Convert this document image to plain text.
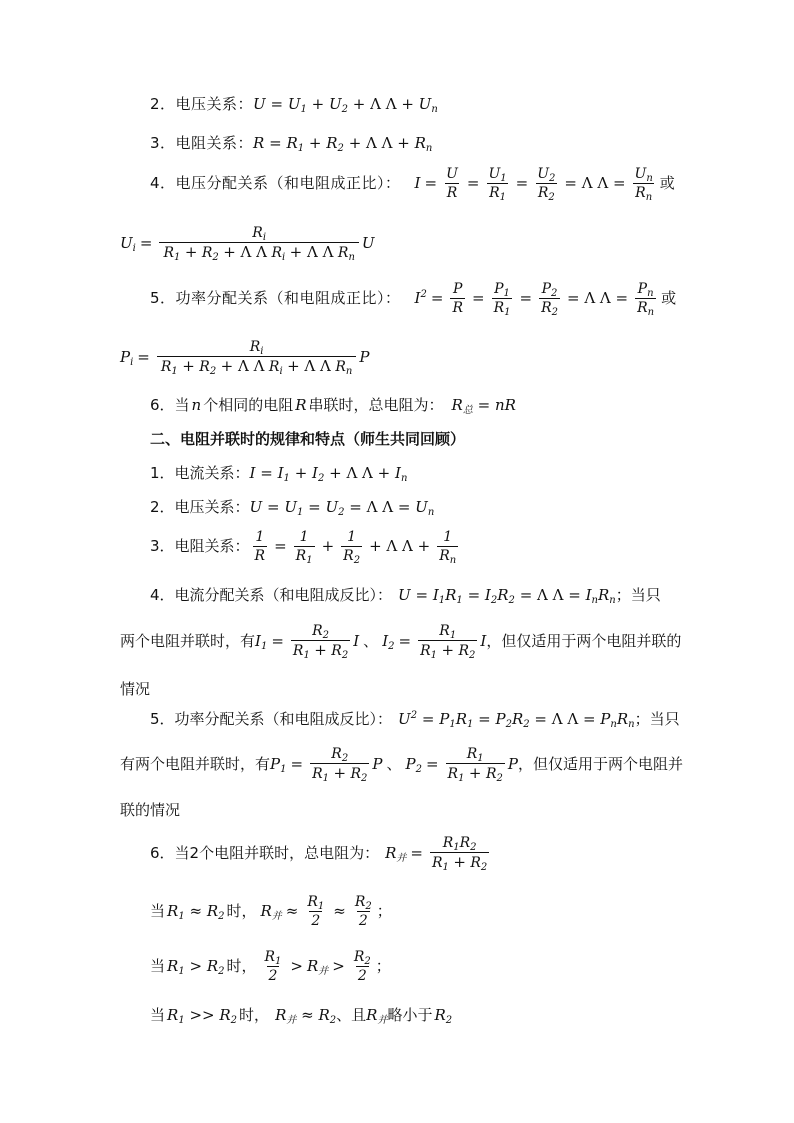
2．电压关系： $U = U_1 + U_2 + \Lambda$ $\Lambda + U_n$
3．电阻关系： $R = R_1 + R_2 + \Lambda$ $\Lambda + R_n$
4．电压分配关系（和电阻成正比）： $I = \frac{U}{R} = \frac{U_1}{R_1} = \frac{U_2}{R_2} = \Lambda$ $\Lambda = \frac{U_n}{R_n}$ 或
$U_i = \frac{R_i}{R_1 + R_2 + \Lambda \Lambda R_i + \Lambda \Lambda R_n}$ U
5．功率分配关系（和电阻成正比）： $I^2 = \frac{P}{R} = \frac{P_1}{R_1} = \frac{P_2}{R_2} = \Lambda$ $\Lambda = \frac{P_n}{R_n}$ 或
$P_i = \frac{R_i}{R_1 + R_2 + \Lambda \Lambda R_i + \Lambda \Lambda R_n}$ P
6．当 n 个相同的电阻 R 串联时，总电阻为： $R_总$ = nR
二、电阻并联时的规律和特点（师生共同回顾）
1．电流关系： $I = I_1 + I_2 + \Lambda$ $\Lambda + I_n$
2．电压关系： $U = U_1 = U_2 = \Lambda$ $\Lambda = U_n$
3．电阻关系： $\frac{1}{R} = \frac{1}{R_1} + \frac{1}{R_2} + \Lambda$ $\Lambda + \frac{1}{R_n}$
4．电流分配关系（和电阻成反比）： $U = I_1R_1 = I_2R_2 = \Lambda$ $\Lambda = I_nR_n$ ；当只
两个电阻并联时，有 $I_1 = \frac{R_2}{R_1 + R_2}$ I 、 $I_2 = \frac{R_1}{R_1 + R_2}$ I ，但仅适用于两个电阻并联的
情况
5．功率分配关系（和电阻成反比）： $U^2 = P_1R_1 = P_2R_2 = \Lambda$ $\Lambda = P_nR_n$ ；当只
有两个电阻并联时，有 $P_1 = \frac{R_2}{R_1 + R_2}$ P 、 $P_2 = \frac{R_1}{R_1 + R_2}$ P ，但仅适用于两个电阻并
联的情况
6．当2个电阻并联时，总电阻为： $R_并 = \frac{R_1R_2}{R_1 + R_2}$
当 $R_1 \approx R_2$ 时， $R_并 \approx \frac{R_1}{2} \approx \frac{R_2}{2}$ ；
当 $R_1 > R_2$ 时， $\frac{R_1}{2} > R_并 > \frac{R_2}{2}$ ；
当 $R_1 >> R_2$ 时， $R_并 \approx R_2$ 、且 $R_并$ 略小于 $R_2$
